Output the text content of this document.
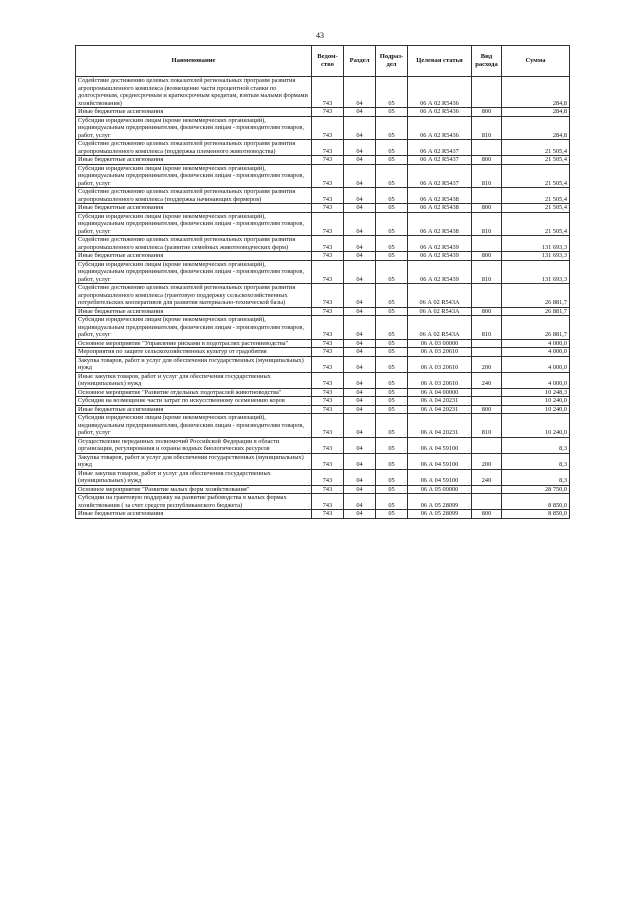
43
Наименование	Ведом-ство	Раздел	Подраз-дел	Целевая статья	Вид расхода	Сумма
Содействие достижению целевых показателей региональных программ развития агропромышленного комплекса (возмещение части процентной ставки по долгосрочным, среднесрочным и краткосрочным кредитам, взятым малыми формами хозяйствования)	743	04	05	06 А 02 R5436		284,8
Иные бюджетные ассигнования	743	04	05	06 А 02 R5436	800	284,8
Субсидии юридическим лицам (кроме некоммерческих организаций), индивидуальным предпринимателям, физическим лицам - производителям товаров, работ, услуг	743	04	05	06 А 02 R5436	810	284,8
Содействие достижению целевых показателей региональных программ развития агропромышленного комплекса (поддержка племенного животноводства)	743	04	05	06 А 02 R5437		21 505,4
Иные бюджетные ассигнования	743	04	05	06 А 02 R5437	800	21 505,4
Субсидии юридическим лицам (кроме некоммерческих организаций), индивидуальным предпринимателям, физическим лицам - производителям товаров, работ, услуг	743	04	05	06 А 02 R5437	810	21 505,4
Содействие достижению целевых показателей региональных программ развития агропромышленного комплекса (поддержка начинающих фермеров)	743	04	05	06 А 02 R5438		21 505,4
Иные бюджетные ассигнования	743	04	05	06 А 02 R5438	800	21 505,4
Субсидии юридическим лицам (кроме некоммерческих организаций), индивидуальным предпринимателям, физическим лицам - производителям товаров, работ, услуг	743	04	05	06 А 02 R5438	810	21 505,4
Содействие достижению целевых показателей региональных программ развития агропромышленного комплекса (развитие семейных животноводческих ферм)	743	04	05	06 А 02 R5439		131 693,3
Иные бюджетные ассигнования	743	04	05	06 А 02 R5439	800	131 693,3
Субсидии юридическим лицам (кроме некоммерческих организаций), индивидуальным предпринимателям, физическим лицам - производителям товаров, работ, услуг	743	04	05	06 А 02 R5439	810	131 693,3
Содействие достижению целевых показателей региональных программ развития агропромышленного комплекса (грантовую поддержку сельскохозяйственных потребительских кооперативов для развития материально-технической базы)	743	04	05	06 А 02 R543А		26 881,7
Иные бюджетные ассигнования	743	04	05	06 А 02 R543А	800	26 881,7
Субсидии юридическим лицам (кроме некоммерческих организаций), индивидуальным предпринимателям, физическим лицам - производителям товаров, работ, услуг	743	04	05	06 А 02 R543А	810	26 881,7
Основное мероприятие "Управление рисками в подотраслях растениеводства"	743	04	05	06 А 03 00000		4 000,0
Мероприятия по защите сельскохозяйственных культур от градобития	743	04	05	06 А 03 20610		4 000,0
Закупка товаров, работ и услуг для обеспечения государственных (муниципальных) нужд	743	04	05	06 А 03 20610	200	4 000,0
Иные закупки товаров, работ и услуг для обеспечения государственных (муниципальных) нужд	743	04	05	06 А 03 20610	240	4 000,0
Основное мероприятие "Развитие отдельных подотраслей животноводства"	743	04	05	06 А 04 00000		10 248,3
Субсидия на возмещение части затрат по искусственному осеменению коров	743	04	05	06 А 04 20231		10 240,0
Иные бюджетные ассигнования	743	04	05	06 А 04 20231	800	10 240,0
Субсидии юридическим лицам (кроме некоммерческих организаций), индивидуальным предпринимателям, физическим лицам - производителям товаров, работ, услуг	743	04	05	06 А 04 20231	810	10 240,0
Осуществление переданных полномочий Российской Федерации в области организации, регулирования и охраны водных биологических ресурсов	743	04	05	06 А 04 59100		8,3
Закупка товаров, работ и услуг для обеспечения государственных (муниципальных) нужд	743	04	05	06 А 04 59100	200	8,3
Иные закупки товаров, работ и услуг для обеспечения государственных (муниципальных) нужд	743	04	05	06 А 04 59100	240	8,3
Основное мероприятие "Развитие малых форм хозяйствования"	743	04	05	06 А 05 00000		28 750,0
Субсидии на грантовую поддержку на развитие рыбоводства в малых формах хозяйствования ( за счет средств республиканского бюджета)	743	04	05	06 А 05 28099		8 850,0
Иные бюджетные ассигнования	743	04	05	06 А 05 28099	800	8 850,0
